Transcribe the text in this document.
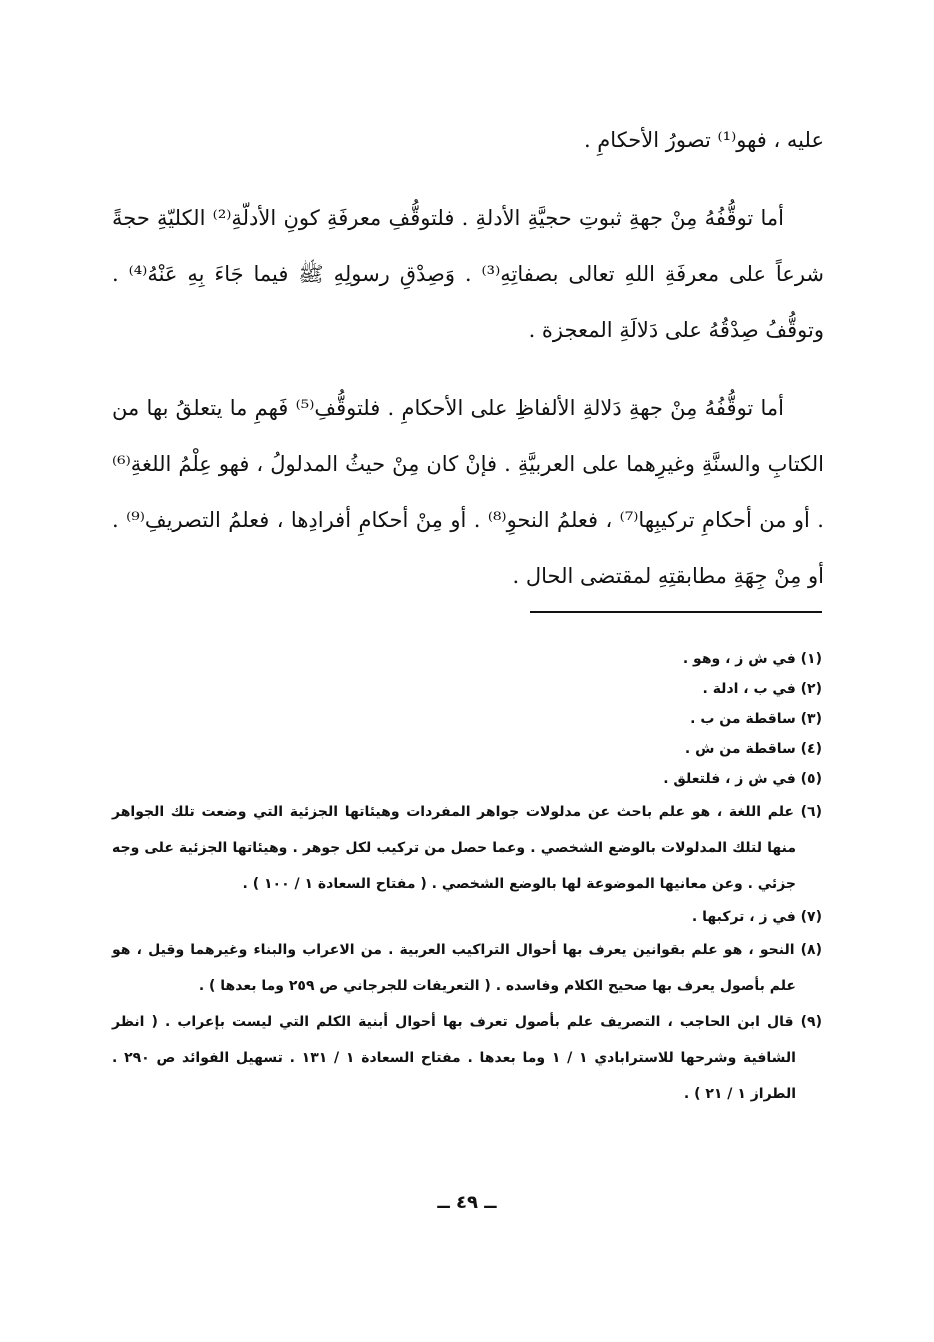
عليه ، فهو⁽¹⁾ تصورُ الأحكامِ .

أما توقُّفُهُ مِنْ جهةِ ثبوتِ حجيَّةِ الأدلةِ . فلتوقُّفِ معرفَةِ كونِ الأدلّةِ⁽²⁾ الكليّةِ حجةً شرعاً على معرفَةِ اللهِ تعالى بصفاتِهِ⁽³⁾ . وَصِدْقِ رسولِهِ ﷺ فيما جَاءَ بِهِ عَنْهُ⁽⁴⁾ . وتوقُّفُ صِدْقُهُ على دَلالَةِ المعجزة .

أما توقُّفُهُ مِنْ جهةِ دَلالةِ الألفاظِ على الأحكامِ . فلتوقُّفِ⁽⁵⁾ فَهمِ ما يتعلقُ بها من الكتابِ والسنَّةِ وغيرِهما على العربيَّةِ . فإنْ كان مِنْ حيثُ المدلولُ ، فهو عِلْمُ اللغةِ⁽⁶⁾ . أو من أحكامِ تركيبِها⁽⁷⁾ ، فعلمُ النحوِ⁽⁸⁾ . أو مِنْ أحكامِ أفرادِها ، فعلمُ التصريفِ⁽⁹⁾ . أو مِنْ جِهَةِ مطابقتِهِ لمقتضى الحال .

(١) في ش ز ، وهو .
(٢) في ب ، ادلة .
(٣) ساقطة من ب .
(٤) ساقطة من ش .
(٥) في ش ز ، فلتعلق .
(٦) علم اللغة ، هو علم باحث عن مدلولات جواهر المفردات وهيئاتها الجزئية التي وضعت تلك الجواهر منها لتلك المدلولات بالوضع الشخصي . وعما حصل من تركيب لكل جوهر . وهيئاتها الجزئية على وجه جزئي . وعن معانيها الموضوعة لها بالوضع الشخصي . ( مفتاح السعادة ١ / ١٠٠ ) .
(٧) في ز ، تركبها .
(٨) النحو ، هو علم بقوانين يعرف بها أحوال التراكيب العربية . من الاعراب والبناء وغيرهما وقيل ، هو علم بأصول يعرف بها صحيح الكلام وفاسده . ( التعريفات للجرجاني ص ٢٥٩ وما بعدها ) .
(٩) قال ابن الحاجب ، التصريف علم بأصول تعرف بها أحوال أبنية الكلم التي ليست بإعراب . ( انظر الشافية وشرحها للاسترابادي ١ / ١ وما بعدها . مفتاح السعادة ١ / ١٣١ . تسهيل الفوائد ص ٢٩٠ . الطراز ١ / ٢١ ) .
ــ ٤٩ ــ
